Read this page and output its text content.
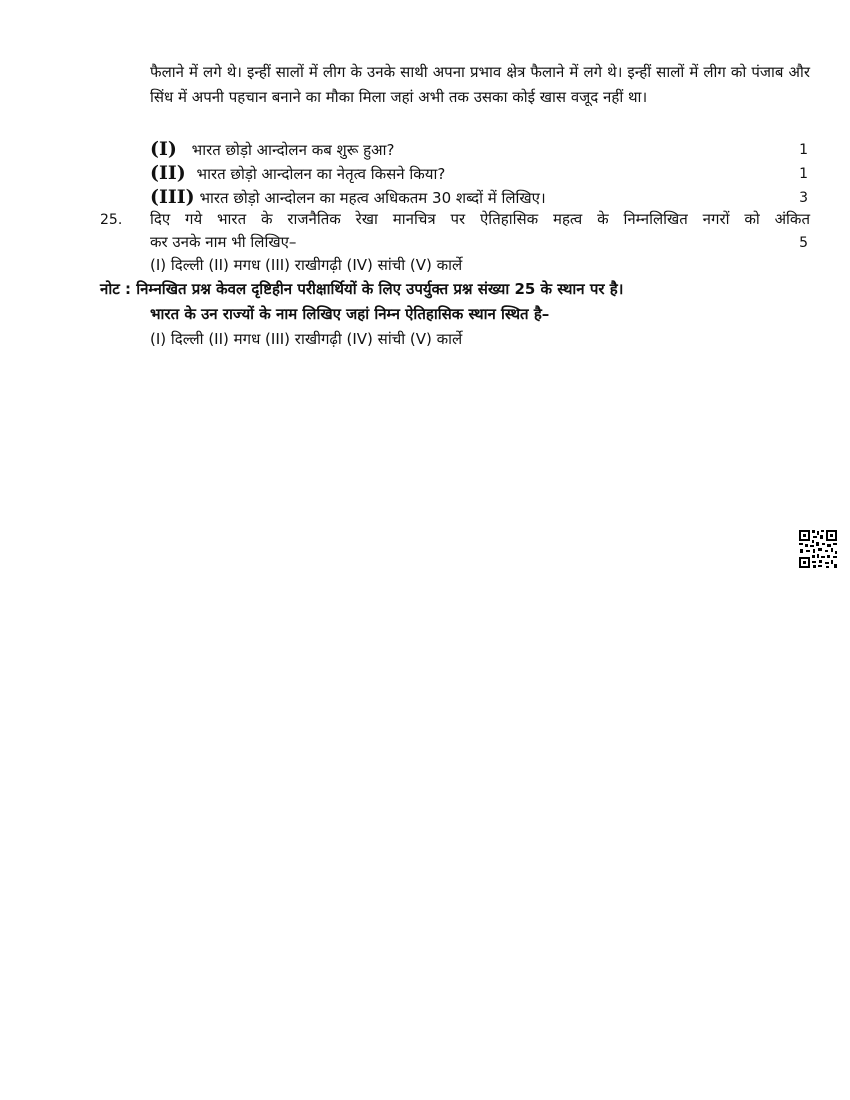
फैलाने में लगे थे। इन्हीं सालों में लीग के उनके साथी अपना प्रभाव क्षेत्र फैलाने में लगे थे। इन्हीं सालों में लीग को पंजाब और सिंध में अपनी पहचान बनाने का मौका मिला जहां अभी तक उसका कोई खास वजूद नहीं था।
(I) भारत छोड़ो आन्दोलन कब शुरू हुआ?	1
(II) भारत छोड़ो आन्दोलन का नेतृत्व किसने किया?	1
(III) भारत छोड़ो आन्दोलन का महत्व अधिकतम 30 शब्दों में लिखिए।	3
25. दिए गये भारत के राजनैतिक रेखा मानचित्र पर ऐतिहासिक महत्व के निम्नलिखित नगरों को अंकित
कर उनके नाम भी लिखिए–	5
(I) दिल्ली (II) मगध (III) राखीगढ़ी (IV) सांची (V) कार्ले
नोट : निम्नखित प्रश्न केवल दृष्टिहीन परीक्षार्थियों के लिए उपर्युक्त प्रश्न संख्या 25 के स्थान पर है।
भारत के उन राज्यों के नाम लिखिए जहां निम्न ऐतिहासिक स्थान स्थित है–
(I) दिल्ली (II) मगध (III) राखीगढ़ी (IV) सांची (V) कार्ले
